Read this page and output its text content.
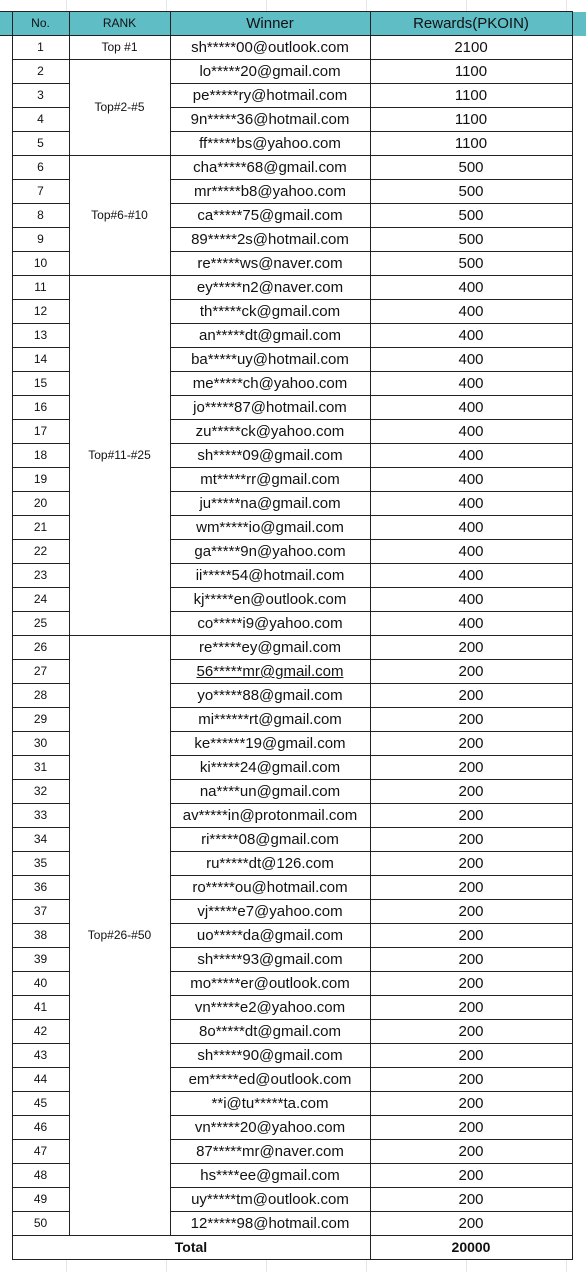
	No.	RANK	Winner	Rewards(PKOIN)	
	1	Top #1	sh*****00@outlook.com	2100	
	2	Top#2-#5	lo*****20@gmail.com	1100	
	3		pe*****ry@hotmail.com	1100	
	4		9n*****36@hotmail.com	1100	
	5		ff*****bs@yahoo.com	1100	
	6	Top#6-#10	cha*****68@gmail.com	500	
	7		mr*****b8@yahoo.com	500	
	8		ca*****75@gmail.com	500	
	9		89*****2s@hotmail.com	500	
	10		re*****ws@naver.com	500	
	11	Top#11-#25	ey*****n2@naver.com	400	
	12		th*****ck@gmail.com	400	
	13		an*****dt@gmail.com	400	
	14		ba*****uy@hotmail.com	400	
	15		me*****ch@yahoo.com	400	
	16		jo*****87@hotmail.com	400	
	17		zu*****ck@yahoo.com	400	
	18		sh*****09@gmail.com	400	
	19		mt*****rr@gmail.com	400	
	20		ju*****na@gmail.com	400	
	21		wm*****io@gmail.com	400	
	22		ga*****9n@yahoo.com	400	
	23		ii*****54@hotmail.com	400	
	24		kj*****en@outlook.com	400	
	25		co*****i9@yahoo.com	400	
	26	Top#26-#50	re*****ey@gmail.com	200	
	27		56*****mr@gmail.com	200	
	28		yo*****88@gmail.com	200	
	29		mi******rt@gmail.com	200	
	30		ke******19@gmail.com	200	
	31		ki*****24@gmail.com	200	
	32		na****un@gmail.com	200	
	33		av*****in@protonmail.com	200	
	34		ri*****08@gmail.com	200	
	35		ru*****dt@126.com	200	
	36		ro*****ou@hotmail.com	200	
	37		vj*****e7@yahoo.com	200	
	38		uo*****da@gmail.com	200	
	39		sh*****93@gmail.com	200	
	40		mo*****er@outlook.com	200	
	41		vn*****e2@yahoo.com	200	
	42		8o*****dt@gmail.com	200	
	43		sh*****90@gmail.com	200	
	44		em*****ed@outlook.com	200	
	45		**i@tu*****ta.com	200	
	46		vn*****20@yahoo.com	200	
	47		87*****mr@naver.com	200	
	48		hs****ee@gmail.com	200	
	49		uy*****tm@outlook.com	200	
	50		12*****98@hotmail.com	200	
	Total			20000	
